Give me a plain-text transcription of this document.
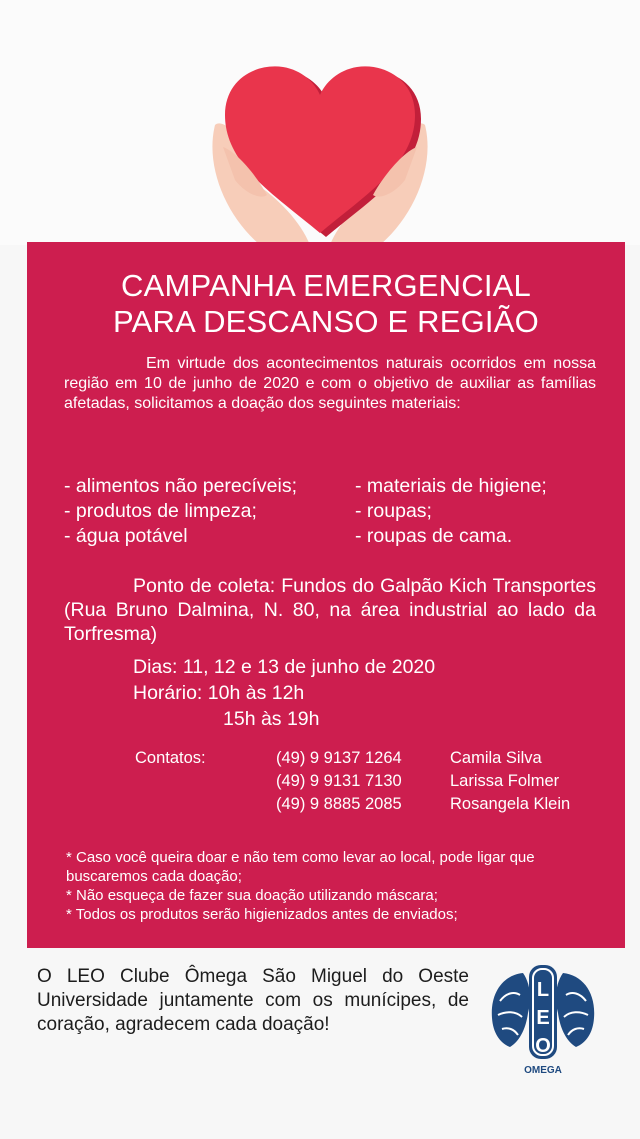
CAMPANHA EMERGENCIAL
PARA DESCANSO E REGIÃO
Em virtude dos acontecimentos naturais ocorridos em nossa região em 10 de junho de 2020 e com o objetivo de auxiliar as famílias afetadas, solicitamos a doação dos seguintes materiais:
- alimentos não perecíveis;
- produtos de limpeza;
- água potável
- materiais de higiene;
- roupas;
- roupas de cama.
Ponto de coleta: Fundos do Galpão Kich Transportes (Rua Bruno Dalmina, N. 80, na área industrial ao lado da Torfresma)
Dias: 11, 12 e 13 de junho de 2020
Horário: 10h às 12h
15h às 19h
Contatos:	(49) 9 9137 1264
(49) 9 9131 7130
(49) 9 8885 2085
Camila Silva
Larissa Folmer
Rosangela Klein
* Caso você queira doar e não tem como levar ao local, pode ligar que buscaremos cada doação;
* Não esqueça de fazer sua doação utilizando máscara;
* Todos os produtos serão higienizados antes de enviados;
O LEO Clube Ômega São Miguel do Oeste Universidade juntamente com os munícipes, de coração, agradecem cada doação!
L E O
OMEGA
